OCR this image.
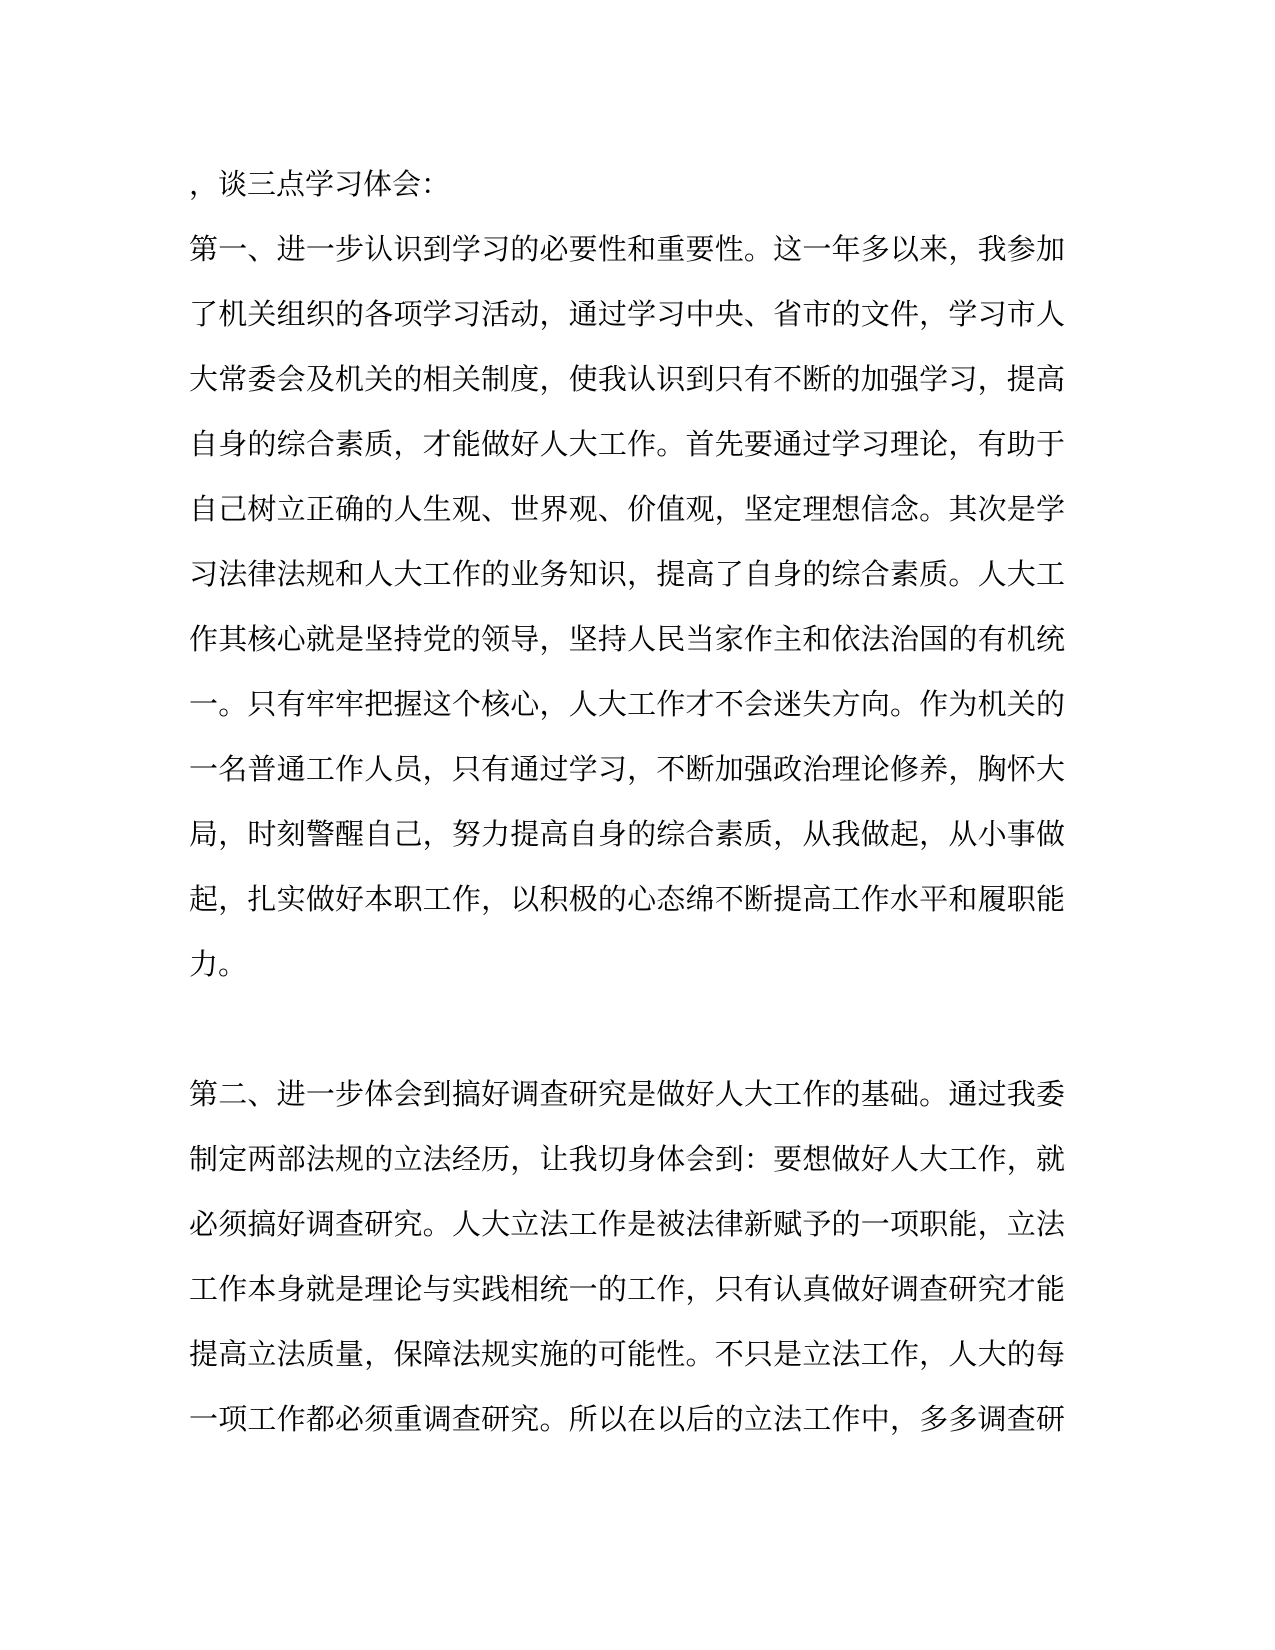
，谈三点学习体会：

第一、进一步认识到学习的必要性和重要性。这一年多以来，我参加
了机关组织的各项学习活动，通过学习中央、省市的文件，学习市人
大常委会及机关的相关制度，使我认识到只有不断的加强学习，提高
自身的综合素质，才能做好人大工作。首先要通过学习理论，有助于
自己树立正确的人生观、世界观、价值观，坚定理想信念。其次是学
习法律法规和人大工作的业务知识，提高了自身的综合素质。人大工
作其核心就是坚持党的领导，坚持人民当家作主和依法治国的有机统
一。只有牢牢把握这个核心，人大工作才不会迷失方向。作为机关的
一名普通工作人员，只有通过学习，不断加强政治理论修养，胸怀大
局，时刻警醒自己，努力提高自身的综合素质，从我做起，从小事做
起，扎实做好本职工作，以积极的心态绵不断提高工作水平和履职能
力。

第二、进一步体会到搞好调查研究是做好人大工作的基础。通过我委
制定两部法规的立法经历，让我切身体会到：要想做好人大工作，就
必须搞好调查研究。人大立法工作是被法律新赋予的一项职能，立法
工作本身就是理论与实践相统一的工作，只有认真做好调查研究才能
提高立法质量，保障法规实施的可能性。不只是立法工作，人大的每
一项工作都必须重调查研究。所以在以后的立法工作中，多多调查研
